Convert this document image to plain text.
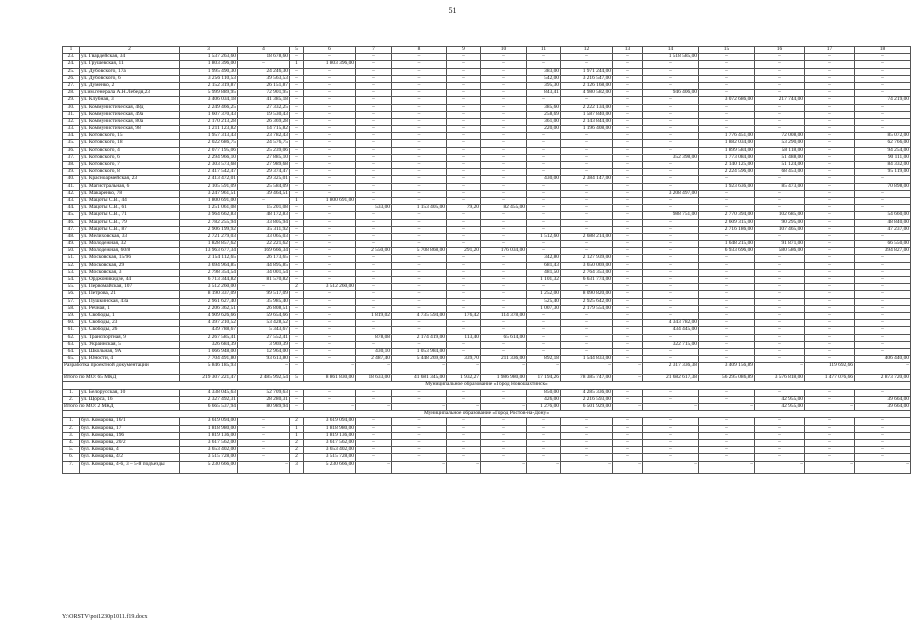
51
1	2	3	4	5	6	7	8	9	10	11	12	13	14	15	16	17	18
23.	ул. Гвардейская, 34	1 537 263,60	18 678,60	–	–	–	–	–	–	–	–	–	1 518 585,00	–	–	–	–
24.	ул. Грушевская, 11	1 803 396,00	–	1	1 803 396,00	–	–	–	–	–	–	–	–	–	–	–	–
25.	ул. Дубовского, 17а	1 995 490,30	24 246,30	–	–	–	–	–	–	383,00	1 971 244,00	–	–	–	–	–	–
26.	ул. Дубовского, 6	3 256 110,53	39 563,53	–	–	–	–	–	–	542,00	3 216 547,00	–	–	–	–	–	–
27.	ул. Думенко, 2	2 152 319,87	26 151,87	–	–	–	–	–	–	395,30	2 126 168,00	–	–	–	–	–	–
28.	ул.им.генерала А.Н.Лебедя,23	5 999 889,95	72 901,95	–	–	–	–	–	–	843,41	4 980 582,00	–	946 406,00	–	–	–	–
29.	ул. Клубная, 3	3 406 034,18	41 385,18	–	–	–	–	–	–	–	–	–	–	3 072 686,00	217 744,00	–	74 219,00
30.	ул. Коммунистическая, 48д	2 249 466,25	27 332,25	–	–	–	–	–	–	385,60	2 222 134,00	–	–	–	–	–	–
31.	ул. Коммунистическая, 49а	1 607 370,43	19 530,43	–	–	–	–	–	–	258,69	1 587 840,00	–	–	–	–	–	–
32.	ул. Коммунистическая, 80а	2 170 213,28	26 369,28	–	–	–	–	–	–	361,00	2 143 844,00	–	–	–	–	–	–
33.	ул. Коммунистическая, 98	1 211 123,82	14 715,82	–	–	–	–	–	–	220,00	1 196 408,00	–	–	–	–	–	–
34.	ул. Котовского, 15	1 957 313,43	23 782,43	–	–	–	–	–	–	–	–	–	–	1 776 451,00	72 008,00	–	85 072,00
35.	ул. Котовского, 18	2 022 686,75	24 576,75	–	–	–	–	–	–	–	–	–	–	1 882 034,00	53 290,00	–	62 766,00
36.	ул. Котовского, 4	2 077 195,06	25 239,06	–	–	–	–	–	–	–	–	–	–	1 899 584,00	58 118,00	–	94 254,00
37.	ул. Котовского, 6	2 294 966,10	27 885,10	–	–	–	–	–	–	–	–	–	352 398,00	1 773 084,00	51 488,00	–	90 111,00
38.	ул. Котовского, 7	2 303 573,68	27 989,68	–	–	–	–	–	–	–	–	–	–	2 140 125,00	51 124,00	–	84 332,00
39.	ул. Котовского, 8	2 417 542,47	29 374,47	–	–	–	–	–	–	–	–	–	–	2 224 596,00	68 453,00	–	95 119,00
40.	ул. Красноармейская, 23	2 413 472,01	29 325,01	–	–	–	–	–	–	430,00	2 384 147,00	–	–	–	–	–	–
41.	ул. Магистральная, 6	2 105 591,09	25 584,09	–	–	–	–	–	–	–	–	–	–	1 923 636,00	85 473,00	–	70 898,00
42.	ул. Макаренко, 78	3 247 961,51	39 464,51	–	–	–	–	–	–	–	–	–	3 208 497,00	–	–	–	–
43.	ул. Мацоты С.В., 44	1 800 691,00	–	1	1 800 691,00	–	–	–	–	–	–	–	–	–	–	–	–
44.	ул. Мацоты С.В., 61	1 251 061,08	15 201,08	–	–	533,00	1 153 405,00	79,20	82 455,00	–	–	–	–	–	–	–	–
45.	ул. Мацоты С.В., 71	3 964 662,83	48 172,83	–	–	–	–	–	–	–	–	–	988 751,00	2 770 394,00	102 685,00	–	54 660,00
46.	ул. Мацоты С.В., 79	2 782 255,94	33 805,94	–	–	–	–	–	–	–	–	–	–	2 609 315,00	90 295,00	–	48 840,00
47.	ул. Мацоты С.В., 87	2 906 199,92	35 311,92	–	–	–	–	–	–	–	–	–	–	2 716 186,00	107 465,00	–	47 237,00
48.	ул. Мелиховская, 33	2 721 279,03	33 065,03	–	–	–	–	–	–	1 512,60	2 688 214,00	–	–	–	–	–	–
49.	ул. Молодежная, 32	1 828 857,62	22 221,62	–	–	–	–	–	–	–	–	–	–	1 648 215,00	91 871,00	–	66 550,00
50.	ул. Молодежная, 60/8	13 963 677,34	169 666,34	–	–	2 550,00	5 708 868,00	291,20	176 034,00	–	–	–	–	6 933 696,00	580 586,00	–	394 827,00
51.	ул. Московская, 15/96	2 154 112,65	26 173,65	–	–	–	–	–	–	342,80	2 127 939,00	–	–	–	–	–	–
52.	ул. Московская, 29	3 694 964,85	44 895,85	–	–	–	–	–	–	681,43	3 650 069,00	–	–	–	–	–	–
53.	ул. Московская, 3	2 798 354,54	34 001,54	–	–	–	–	–	–	481,50	2 764 353,00	–	–	–	–	–	–
54.	ул. Орджоникидзе, 44	6 713 344,82	81 570,82	–	–	–	–	–	–	1 101,32	6 631 774,00	–	–	–	–	–	–
55.	ул. Первомайская, 107	3 512 260,00	–	2	3 512 260,00	–	–	–	–	–	–	–	–	–	–	–	–
56.	ул. Петрова, 21	8 190 337,09	99 517,09	–	–	–	–	–	–	1 252,00	8 090 820,00	–	–	–	–	–	–
57.	ул. Пушкинская, 43а	2 961 627,40	35 985,40	–	–	–	–	–	–	525,40	2 925 642,00	–	–	–	–	–	–
58.	ул. Речная, 1	2 206 362,51	26 808,51	–	–	–	–	–	–	1 007,30	2 179 554,00	–	–	–	–	–	–
59.	ул. Свободы, 1	4 909 626,66	59 654,66	–	–	1 819,02	4 735 594,00	176,42	114 378,00	–	–	–	–	–	–	–	–
60.	ул. Свободы, 23	4 397 210,52	53 428,52	–	–	–	–	–	–	–	–	–	4 343 782,00	–	–	–	–
61.	ул. Свободы, 26	439 788,67	5 343,67	–	–	–	–	–	–	–	–	–	434 445,00	–	–	–	–
62.	ул. Транспортная, 9	2 267 585,41	27 552,41	–	–	878,08	2 174 419,00	113,40	65 614,00	–	–	–	–	–	–	–	–
63.	ул. Украинская, 5	326 684,39	3 969,39	–	–	–	–	–	–	–	–	–	322 715,00	–	–	–	–
64.	ул. Школьная, 9А	1 066 948,00	12 964,00	–	–	430,10	1 053 984,00	–	–	–	–	–	–	–	–	–	–
65.	ул. Юности, 4	7 704 491,80	93 613,80	–	–	2 487,40	5 448 269,00	339,70	211 336,00	892,18	1 544 833,00	–	–	–	–	–	406 440,00
Разработка проектной документации		5 846 185,93	–	–	–	–	–	–	–	–	–	–	2 317 336,38	3 409 156,89	–	119 692,66	–
Итого по МО: 65 МКД		219 307 221,47	2 485 992,54	5	8 861 830,00	18 633,00	41 681 345,00	1 932,27	1 986 980,00	17 194,26	78 385 747,00	–	21 682 617,38	56 295 086,89	3 576 818,00	1 477 076,66	2 873 720,00
Муниципальное образование «Город Новошахтинск»																	
1.	ул. Белорусская, 10	4 338 045,63	52 709,63	–	–	–	–	–	–	850,00	4 285 336,00	–	–	–	–	–	–
2.	ул. Щорса, 16	2 327 492,31	28 280,31	–	–	–	–	–	–	426,00	2 216 593,00	–	–	–	42 955,00	–	39 664,00
Итого по МО: 2 МКД		6 665 537,94	80 989,94	–	–	–	–	–	–	1 276,00	6 501 929,00	–	–	–	42 955,00	–	39 664,00
Муниципальное образование «Город Ростов-на-Дону»																	
1.	бул. Комарова, 16/1	3 619 094,00	–	2	3 619 094,00	–	–	–	–	–	–	–	–	–	–	–	–
2.	бул. Комарова, 17	1 818 980,00	–	1	1 818 980,00	–	–	–	–	–	–	–	–	–	–	–	–
3.	бул. Комарова, 19б	1 819 136,00	–	1	1 819 136,00	–	–	–	–	–	–	–	–	–	–	–	–
4.	бул. Комарова, 20/2	3 617 562,00	–	2	3 617 562,00	–	–	–	–	–	–	–	–	–	–	–	–
5.	бул. Комарова, 4	3 653 402,00	–	2	3 653 402,00	–	–	–	–	–	–	–	–	–	–	–	–
6.	бул. Комарова, 4/2	3 515 728,00	–	2	3 515 728,00	–	–	–	–	–	–	–	–	–	–	–	–
7.	бул. Комарова, 4-б, 3 – 5-й подъезды	5 230 666,00	–	3	5 230 666,00	–	–	–	–	–	–	–	–	–	–	–	–
Y:\ORSTV\poi1230p1011.f19.docx
